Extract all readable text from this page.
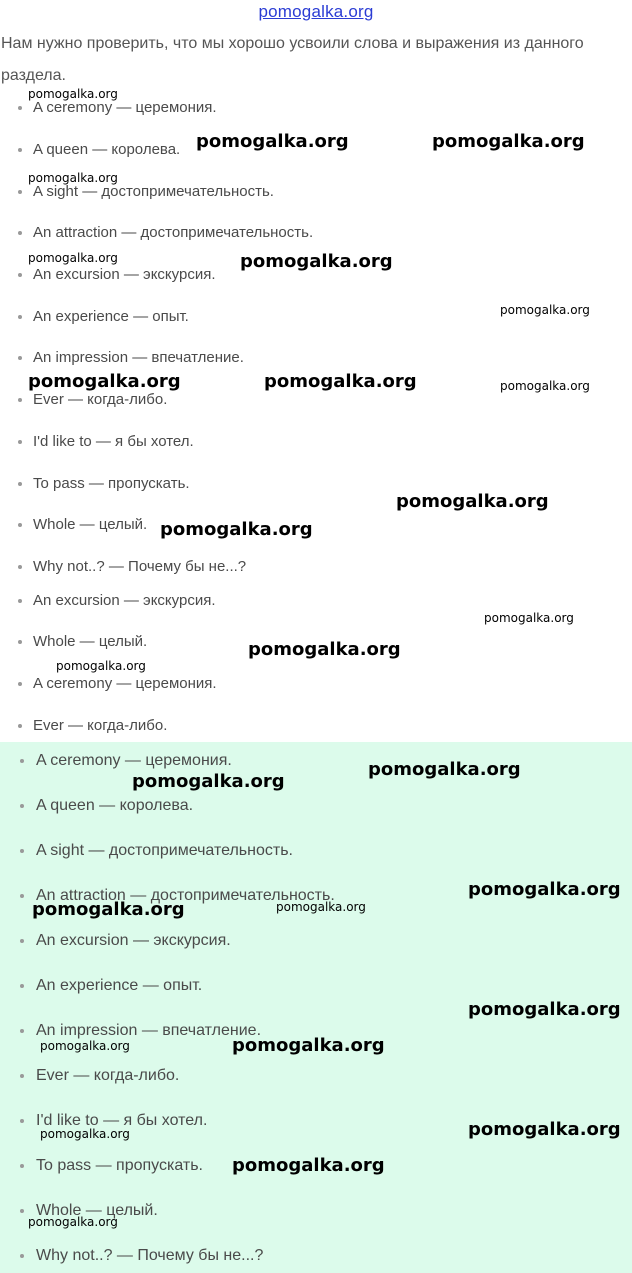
pomogalka.org
Нам нужно проверить, что мы хорошо усвоили слова и выражения из данного раздела.
A ceremony — церемония.
A queen — королева.
A sight — достопримечательность.
An attraction — достопримечательность.
An excursion — экскурсия.
An experience — опыт.
An impression — впечатление.
Ever — когда-либо.
I'd like to — я бы хотел.
To pass — пропускать.
Whole — целый.
Why not..? — Почему бы не...?
An excursion — экскурсия.
Whole — целый.
A ceremony — церемония.
Ever — когда-либо.
A ceremony — церемония.
A queen — королева.
A sight — достопримечательность.
An attraction — достопримечательность.
An excursion — экскурсия.
An experience — опыт.
An impression — впечатление.
Ever — когда-либо.
I'd like to — я бы хотел.
To pass — пропускать.
Whole — целый.
Why not..? — Почему бы не...?
pomogalka.org
pomogalka.org	pomogalka.org
pomogalka.org
pomogalka.org	pomogalka.org
pomogalka.org
pomogalka.org	pomogalka.org	pomogalka.org
pomogalka.org
pomogalka.org
pomogalka.org
pomogalka.org
pomogalka.org
pomogalka.org
pomogalka.org
pomogalka.org
pomogalka.org
pomogalka.org
pomogalka.org
pomogalka.org	pomogalka.org
pomogalka.org	pomogalka.org
pomogalka.org
pomogalka.org
